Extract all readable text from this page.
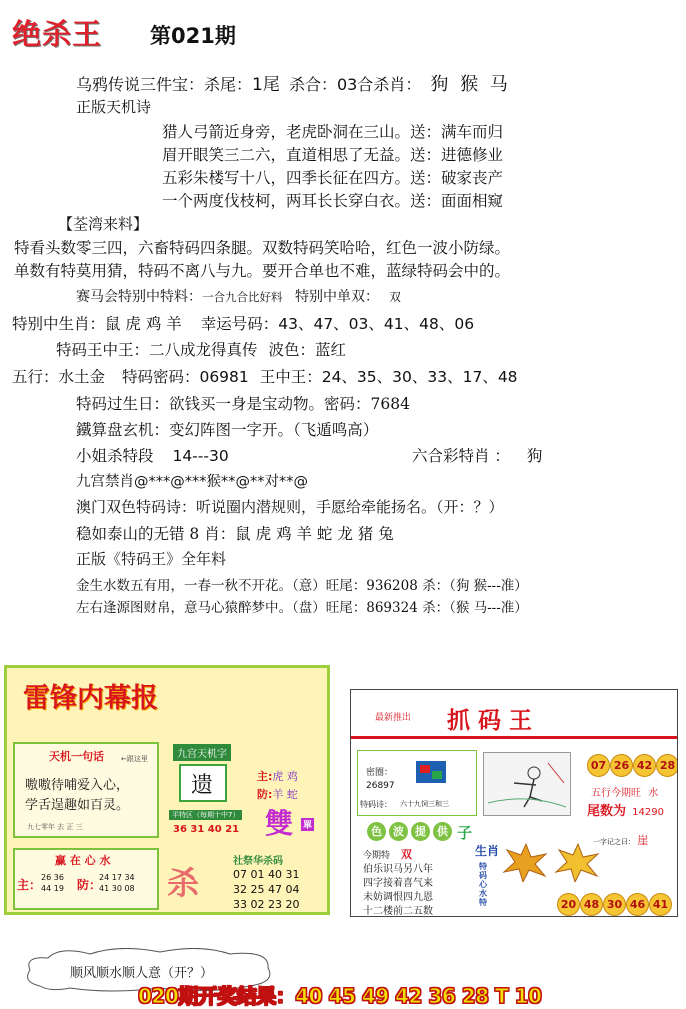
绝杀王 第021期
乌鸦传说三件宝：杀尾：1尾 杀合：03合杀肖： 狗 猴 马
正版天机诗
猎人弓箭近身旁，老虎卧洞在三山。送：满车而归
眉开眼笑三二六，直道相思了无益。送：进德修业
五彩朱楼写十八，四季长征在四方。送：破家丧产
一个两度伐枝柯，两耳长长穿白衣。送：面面相窥
【荃湾来料】
特看头数零三四，六畜特码四条腿。双数特码笑哈哈，红色一波小防绿。
单数有特莫用猜，特码不离八与九。要开合单也不难，蓝绿特码会中的。
赛马会特别中特料：一合九合比好料 特别中单双： 双
特别中生肖：鼠 虎 鸡 羊 幸运号码：43、47、03、41、48、06
特码王中王：二八成龙得真传 波色：蓝红
五行：水土金 特码密码：06981 王中王：24、35、30、33、17、48
特码过生日：欲钱买一身是宝动物。密码：7684
鐵算盘玄机：变幻阵图一字开。（飞遁鸣高）
小姐杀特段 14---30	六合彩特肖 ： 狗
九宫禁肖@***@***猴**@**对**@
澳门双色特码诗：听说圈内潜规则，手愿给牵能扬名。（开：？）
稳如泰山的无错 8 肖：鼠 虎 鸡 羊 蛇 龙 猪 兔
正版《特码王》全年料
金生水数五有用，一春一秋不开花。（意）旺尾：936208 杀：（狗 猴---准）
左右逢源图财帛，意马心猿醉梦中。（盘）旺尾：869324 杀：（猴 马---准）
雷锋内幕报
天机一句话 ←跟这里
嗷嗷待哺爱入心，
学舌逞趣如百灵。
九七零年 去 正 三
九宫天机字
遗
平特区（每期十中7）
36 31 40 21
主:虎 鸡
防:羊 蛇
雙 單
赢 在 心 水
主：
26 36
44 19 防：
24 17 34
41 30 08 杀
社祭华杀码
07 01 40 31
32 25 47 04
33 02 23 20
最新推出 抓 码 王
密圈：
26897
特码诗： 六十九饲三和三
07 26 42 28
五行今期旺 水
尾数为 14290
色	波	提	供 子	一字记之曰： 崖
今期特 双
伯乐识马另八年
四字接着喜气来
未妨调恨四九恩
十二楼前二五数
生肖
特码心水特	20 48 30 46 41
顺风顺水顺人意（开？）
020期开奖结果：40 45 49 42 36 28 T 10
